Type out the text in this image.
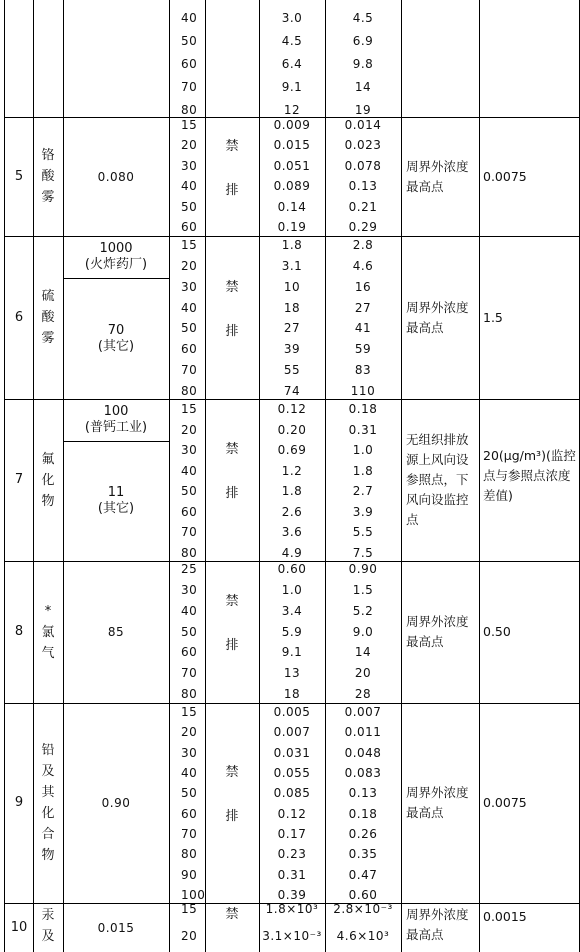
40
50
60
70
80
3.0
4.5
6.4
9.1
12
4.5
6.9
9.8
14
19
5
铬
酸
雾
0.080
15
20
30
40
50
60
禁
排
0.009
0.015
0.051
0.089
0.14
0.19
0.014
0.023
0.078
0.13
0.21
0.29
周界外浓度最高点
0.0075
6
硫
酸
雾
1000
(火炸药厂)
70
(其它)
15
20
30
40
50
60
70
80
禁
排
1.8
3.1
10
18
27
39
55
74
2.8
4.6
16
27
41
59
83
110
周界外浓度最高点
1.5
7
氟
化
物
100
(普钙工业)
11
(其它)
15
20
30
40
50
60
70
80
禁
排
0.12
0.20
0.69
1.2
1.8
2.6
3.6
4.9
0.18
0.31
1.0
1.8
2.7
3.9
5.5
7.5
无组织排放源上风向设参照点，下风向设监控点
20(μg/m³)(监控点与参照点浓度差值)
8
*
氯
气
85
25
30
40
50
60
70
80
禁
排
0.60
1.0
3.4
5.9
9.1
13
18
0.90
1.5
5.2
9.0
14
20
28
周界外浓度最高点
0.50
9
铅
及
其
化
合
物
0.90
15
20
30
40
50
60
70
80
90
100
禁
排
0.005
0.007
0.031
0.055
0.085
0.12
0.17
0.23
0.31
0.39
0.007
0.011
0.048
0.083
0.13
0.18
0.26
0.35
0.47
0.60
周界外浓度最高点
0.0075
10
汞
及
0.015
15
20
禁	1.8×10³
3.1×10⁻³
2.8×10⁻³
4.6×10³
周界外浓度最高点
0.0015
